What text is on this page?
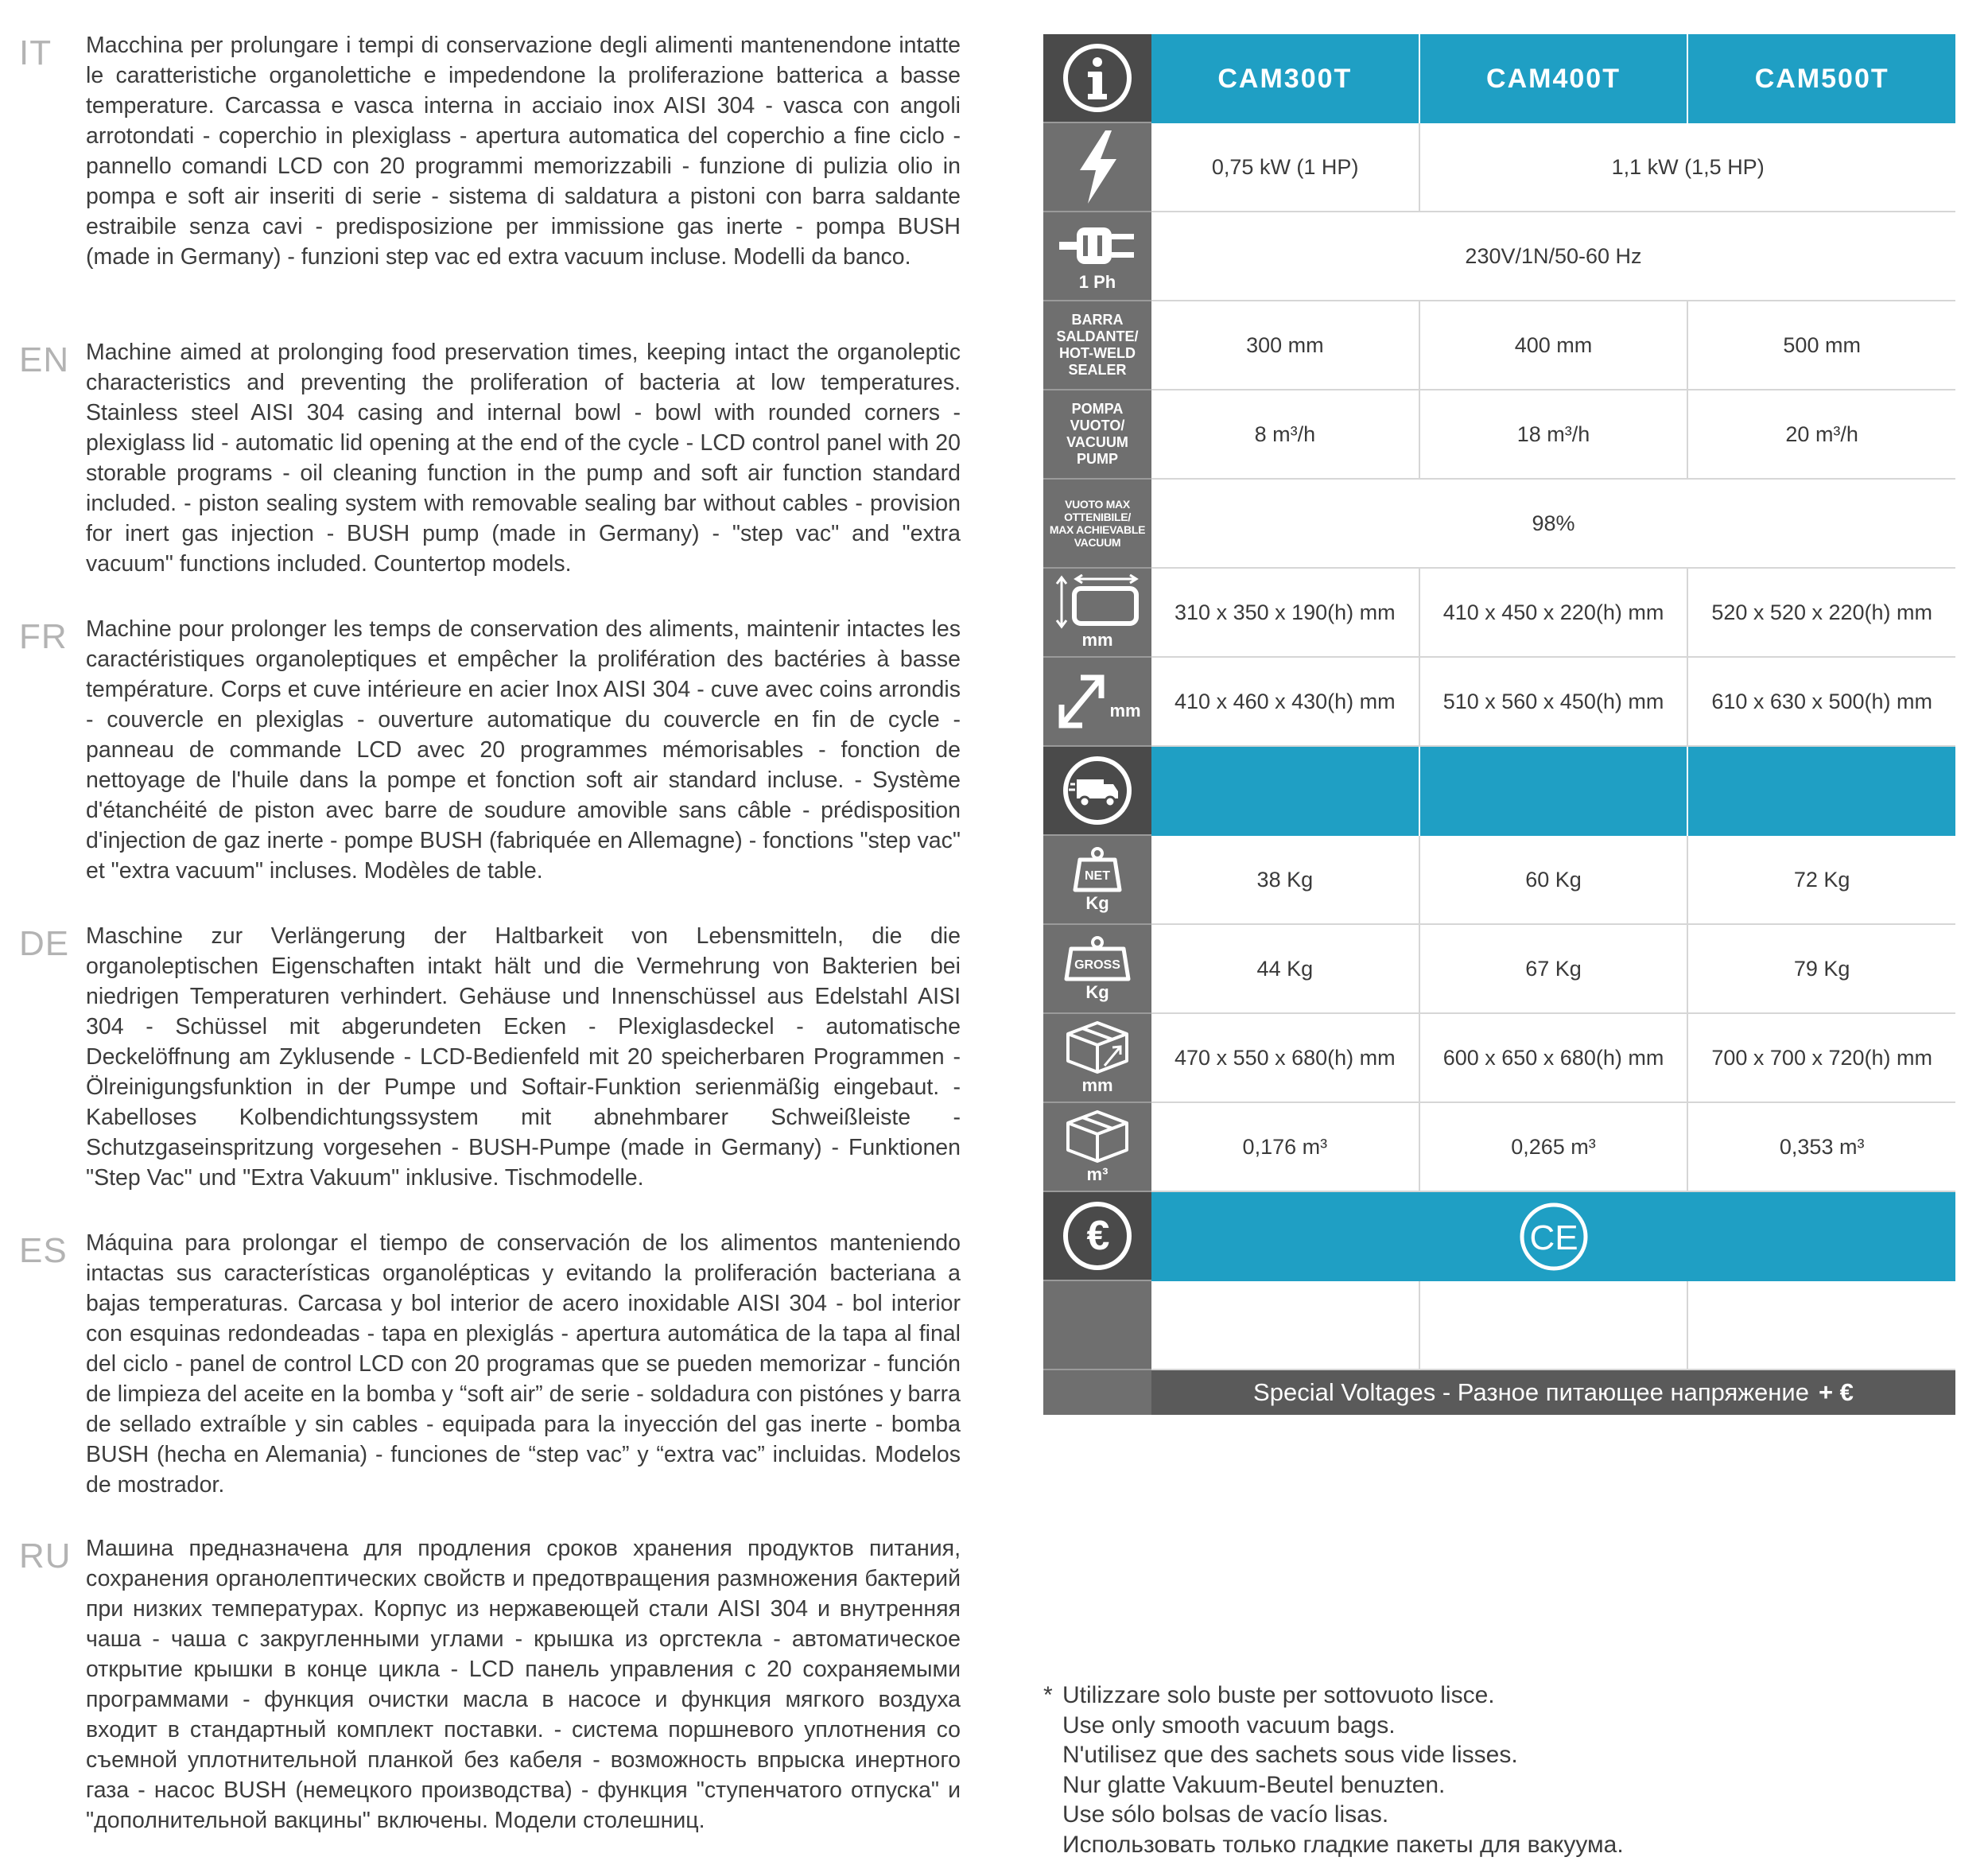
IT Macchina per prolungare i tempi di conservazione degli alimenti mantenendone intatte le caratteristiche organolettiche e impedendone la proliferazione batterica a basse temperature. Carcassa e vasca interna in acciaio inox AISI 304 - vasca con angoli arrotondati - coperchio in plexiglass - apertura automatica del coperchio a fine ciclo - pannello comandi LCD con 20 programmi memorizzabili - funzione di pulizia olio in pompa e soft air inseriti di serie - sistema di saldatura a pistoni con barra saldante estraibile senza cavi - predisposizione per immissione gas inerte - pompa BUSH (made in Germany) - funzioni step vac ed extra vacuum incluse. Modelli da banco.
EN Machine aimed at prolonging food preservation times, keeping intact the organoleptic characteristics and preventing the proliferation of bacteria at low temperatures. Stainless steel AISI 304 casing and internal bowl - bowl with rounded corners - plexiglass lid - automatic lid opening at the end of the cycle - LCD control panel with 20 storable programs - oil cleaning function in the pump and soft air function standard included. - piston sealing system with removable sealing bar without cables - provision for inert gas injection - BUSH pump (made in Germany) - "step vac" and "extra vacuum" functions included. Countertop models.
FR Machine pour prolonger les temps de conservation des aliments, maintenir intactes les caractéristiques organoleptiques et empêcher la prolifération des bactéries à basse température. Corps et cuve intérieure en acier Inox AISI 304 - cuve avec coins arrondis - couvercle en plexiglas - ouverture automatique du couvercle en fin de cycle - panneau de commande LCD avec 20 programmes mémorisables - fonction de nettoyage de l'huile dans la pompe et fonction soft air standard incluse. - Système d'étanchéité de piston avec barre de soudure amovible sans câble - prédisposition d'injection de gaz inerte - pompe BUSH (fabriquée en Allemagne) - fonctions "step vac" et "extra vacuum" incluses. Modèles de table.
DE Maschine zur Verlängerung der Haltbarkeit von Lebensmitteln, die die organoleptischen Eigenschaften intakt hält und die Vermehrung von Bakterien bei niedrigen Temperaturen verhindert. Gehäuse und Innenschüssel aus Edelstahl AISI 304 - Schüssel mit abgerundeten Ecken - Plexiglasdeckel - automatische Deckelöffnung am Zyklusende - LCD-Bedienfeld mit 20 speicherbaren Programmen - Ölreinigungsfunktion in der Pumpe und Softair-Funktion serienmäßig eingebaut. - Kabelloses Kolbendichtungssystem mit abnehmbarer Schweißleiste - Schutzgaseinspritzung vorgesehen - BUSH-Pumpe (made in Germany) - Funktionen "Step Vac" und "Extra Vakuum" inklusive. Tischmodelle.
ES Máquina para prolongar el tiempo de conservación de los alimentos manteniendo intactas sus características organolépticas y evitando la proliferación bacteriana a bajas temperaturas. Carcasa y bol interior de acero inoxidable AISI 304 - bol interior con esquinas redondeadas - tapa en plexiglás - apertura automática de la tapa al final del ciclo - panel de control LCD con 20 programas que se pueden memorizar - función de limpieza del aceite en la bomba y “soft air” de serie - soldadura con pistónes y barra de sellado extraíble y sin cables - equipada para la inyección del gas inerte - bomba BUSH (hecha en Alemania) - funciones de “step vac” y “extra vac” incluidas. Modelos de mostrador.
RU Машина предназначена для продления сроков хранения продуктов питания, сохранения органолептических свойств и предотвращения размножения бактерий при низких температурах. Корпус из нержавеющей стали AISI 304 и внутренняя чаша - чаша с закругленными углами - крышка из оргстекла - автоматическое открытие крышки в конце цикла - LCD панель управления с 20 сохраняемыми программами - функция очистки масла в насосе и функция мягкого воздуха входит в стандартный комплект поставки. - система поршневого уплотнения со съемной уплотнительной планкой без кабеля - возможность впрыска инертного газа - насос BUSH (немецкого производства) - функция "ступенчатого отпуска" и "дополнительной вакцины" включены. Модели столешниц.
CAM300T	CAM400T	CAM500T
0,75 kW (1 HP)	1,1 kW (1,5 HP)
1 Ph
230V/1N/50-60 Hz
BARRA
SALDANTE/
HOT-WELD
SEALER
300 mm	400 mm	500 mm
POMPA
VUOTO/
VACUUM
PUMP
8 m³/h	18 m³/h	20 m³/h
VUOTO MAX
OTTENIBILE/
MAX ACHIEVABLE
VACUUM
98%
mm
310 x 350 x 190(h) mm	410 x 450 x 220(h) mm	520 x 520 x 220(h) mm
mm	410 x 460 x 430(h) mm	510 x 560 x 450(h) mm	610 x 630 x 500(h) mm
NET
Kg
38 Kg	60 Kg	72 Kg
GROSS
Kg
44 Kg	67 Kg	79 Kg
mm
470 x 550 x 680(h) mm	600 x 650 x 680(h) mm	700 x 700 x 720(h) mm
m³
0,176 m³	0,265 m³	0,353 m³
€	CE
Special Voltages - Разное питающее напряжение + €
* Utilizzare solo buste per sottovuoto lisce.
Use only smooth vacuum bags.
N'utilisez que des sachets sous vide lisses.
Nur glatte Vakuum-Beutel benuzten.
Use sólo bolsas de vacío lisas.
Использовать только гладкие пакеты для вакуума.
